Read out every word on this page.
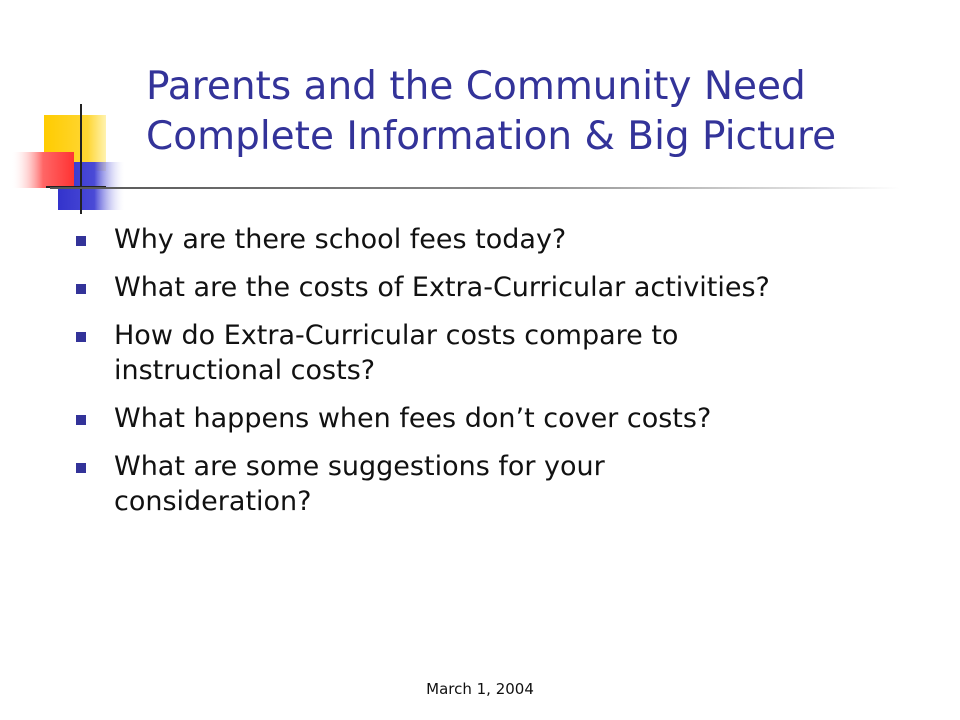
Parents and the Community Need
Complete Information & Big Picture
Why are there school fees today?
What are the costs of Extra-Curricular activities?
How do Extra-Curricular costs compare to
instructional costs?
What happens when fees don’t cover costs?
What are some suggestions for your
consideration?
March 1, 2004
